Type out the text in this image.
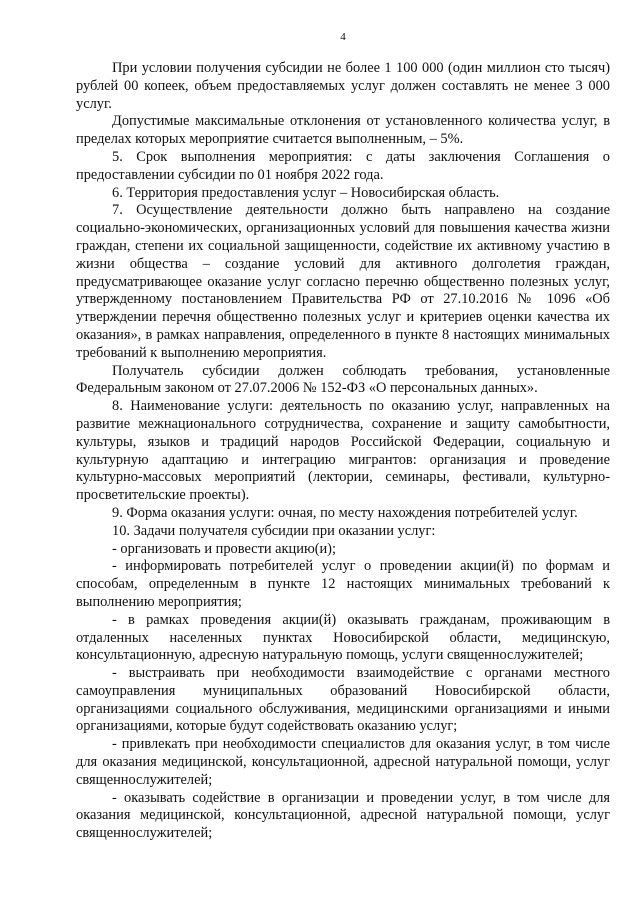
4

При условии получения субсидии не более 1 100 000 (один миллион сто тысяч) рублей 00 копеек, объем предоставляемых услуг должен составлять не менее 3 000 услуг.

Допустимые максимальные отклонения от установленного количества услуг, в пределах которых мероприятие считается выполненным, – 5%.

5. Срок выполнения мероприятия: с даты заключения Соглашения о предоставлении субсидии по 01 ноября 2022 года.

6. Территория предоставления услуг – Новосибирская область.

7. Осуществление деятельности должно быть направлено на создание социально-экономических, организационных условий для повышения качества жизни граждан, степени их социальной защищенности, содействие их активному участию в жизни общества – создание условий для активного долголетия граждан, предусматривающее оказание услуг согласно перечню общественно полезных услуг, утвержденному постановлением Правительства РФ от 27.10.2016 № 1096 «Об утверждении перечня общественно полезных услуг и критериев оценки качества их оказания», в рамках направления, определенного в пункте 8 настоящих минимальных требований к выполнению мероприятия.

Получатель субсидии должен соблюдать требования, установленные Федеральным законом от 27.07.2006 № 152-ФЗ «О персональных данных».

8. Наименование услуги: деятельность по оказанию услуг, направленных на развитие межнационального сотрудничества, сохранение и защиту самобытности, культуры, языков и традиций народов Российской Федерации, социальную и культурную адаптацию и интеграцию мигрантов: организация и проведение культурно-массовых мероприятий (лектории, семинары, фестивали, культурно-просветительские проекты).

9. Форма оказания услуги: очная, по месту нахождения потребителей услуг.

10. Задачи получателя субсидии при оказании услуг:

- организовать и провести акцию(и);

- информировать потребителей услуг о проведении акции(й) по формам и способам, определенным в пункте 12 настоящих минимальных требований к выполнению мероприятия;

- в рамках проведения акции(й) оказывать гражданам, проживающим в отдаленных населенных пунктах Новосибирской области, медицинскую, консультационную, адресную натуральную помощь, услуги священнослужителей;

- выстраивать при необходимости взаимодействие с органами местного самоуправления муниципальных образований Новосибирской области, организациями социального обслуживания, медицинскими организациями и иными организациями, которые будут содействовать оказанию услуг;

- привлекать при необходимости специалистов для оказания услуг, в том числе для оказания медицинской, консультационной, адресной натуральной помощи, услуг священнослужителей;

- оказывать содействие в организации и проведении услуг, в том числе для оказания медицинской, консультационной, адресной натуральной помощи, услуг священнослужителей;
